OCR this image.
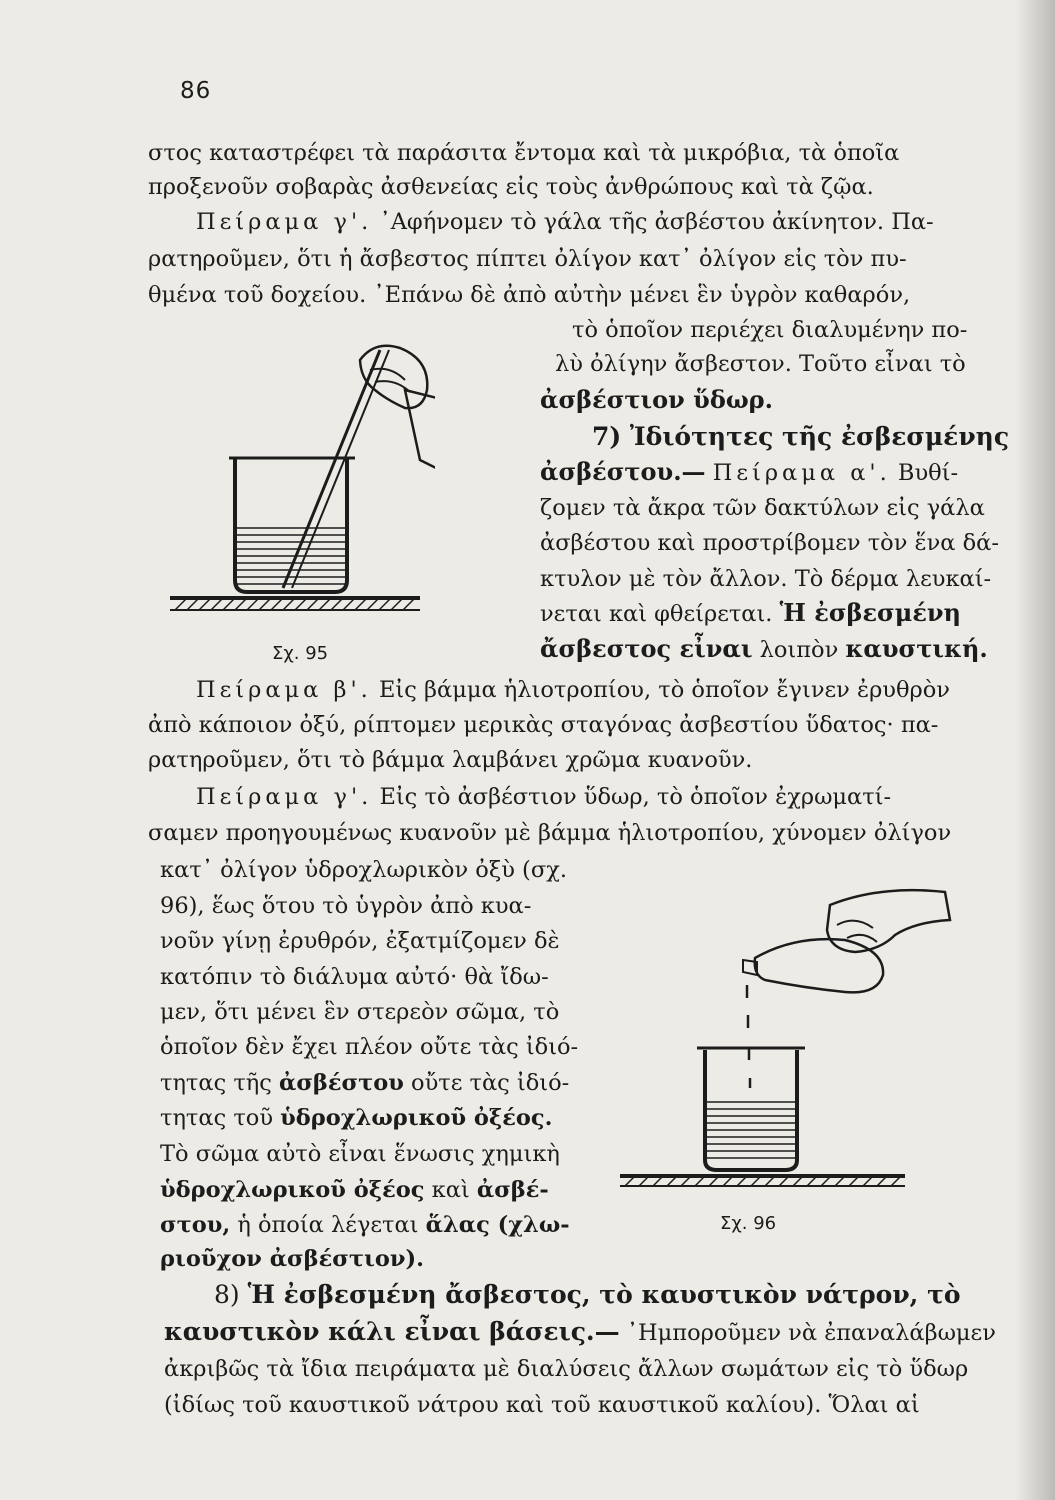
86
στος καταστρέφει τὰ παράσιτα ἔντομα καὶ τὰ μικρόβια, τὰ ὁποῖα
προξενοῦν σοβαρὰς ἀσθενείας εἰς τοὺς ἀνθρώπους καὶ τὰ ζῷα.
Πείραμα γ'. ᾿Αφήνομεν τὸ γάλα τῆς ἀσβέστου ἀκίνητον. Πα-
ρατηροῦμεν, ὅτι ἡ ἄσβεστος πίπτει ὀλίγον κατ᾿ ὀλίγον εἰς τὸν πυ-
θμένα τοῦ δοχείου. ᾿Επάνω δὲ ἀπὸ αὐτὴν μένει ἓν ὑγρὸν καθαρόν,
τὸ ὁποῖον περιέχει διαλυμένην πο-
λὺ ὀλίγην ἄσβεστον. Τοῦτο εἶναι τὸ
ἀσβέστιον ὕδωρ.
7) Ἰδιότητες τῆς ἐσβεσμένης
ἀσβέστου.— Πείραμα α'. Βυθί-
ζομεν τὰ ἄκρα τῶν δακτύλων εἰς γάλα
ἀσβέστου καὶ προστρίβομεν τὸν ἕνα δά-
κτυλον μὲ τὸν ἄλλον. Τὸ δέρμα λευκαί-
νεται καὶ φθείρεται. Ἡ ἐσβεσμένη
ἄσβεστος εἶναι λοιπὸν καυστική.
Σχ. 95
Πείραμα β'. Εἰς βάμμα ἡλιοτροπίου, τὸ ὁποῖον ἔγινεν ἐρυθρὸν
ἀπὸ κάποιον ὀξύ, ρίπτομεν μερικὰς σταγόνας ἀσβεστίου ὕδατος· πα-
ρατηροῦμεν, ὅτι τὸ βάμμα λαμβάνει χρῶμα κυανοῦν.
Πείραμα γ'. Εἰς τὸ ἀσβέστιον ὕδωρ, τὸ ὁποῖον ἐχρωματί-
σαμεν προηγουμένως κυανοῦν μὲ βάμμα ἡλιοτροπίου, χύνομεν ὀλίγον
κατ᾿ ὀλίγον ὑδροχλωρικὸν ὀξὺ (σχ.
96), ἕως ὅτου τὸ ὑγρὸν ἀπὸ κυα-
νοῦν γίνῃ ἐρυθρόν, ἐξατμίζομεν δὲ
κατόπιν τὸ διάλυμα αὐτό· θὰ ἴδω-
μεν, ὅτι μένει ἓν στερεὸν σῶμα, τὸ
ὁποῖον δὲν ἔχει πλέον οὔτε τὰς ἰδιό-
τητας τῆς ἀσβέστου οὔτε τὰς ἰδιό-
τητας τοῦ ὑδροχλωρικοῦ ὀξέος.
Τὸ σῶμα αὐτὸ εἶναι ἕνωσις χημικὴ
ὑδροχλωρικοῦ ὀξέος καὶ ἀσβέ-
στου, ἡ ὁποία λέγεται ἅλας (χλω-
ριοῦχον ἀσβέστιον).
Σχ. 96
8) Ἡ ἐσβεσμένη ἄσβεστος, τὸ καυστικὸν νάτρον, τὸ
καυστικὸν κάλι εἶναι βάσεις.— ᾿Ημποροῦμεν νὰ ἐπαναλάβωμεν
ἀκριβῶς τὰ ἴδια πειράματα μὲ διαλύσεις ἄλλων σωμάτων εἰς τὸ ὕδωρ
(ἰδίως τοῦ καυστικοῦ νάτρου καὶ τοῦ καυστικοῦ καλίου). Ὅλαι αἱ
